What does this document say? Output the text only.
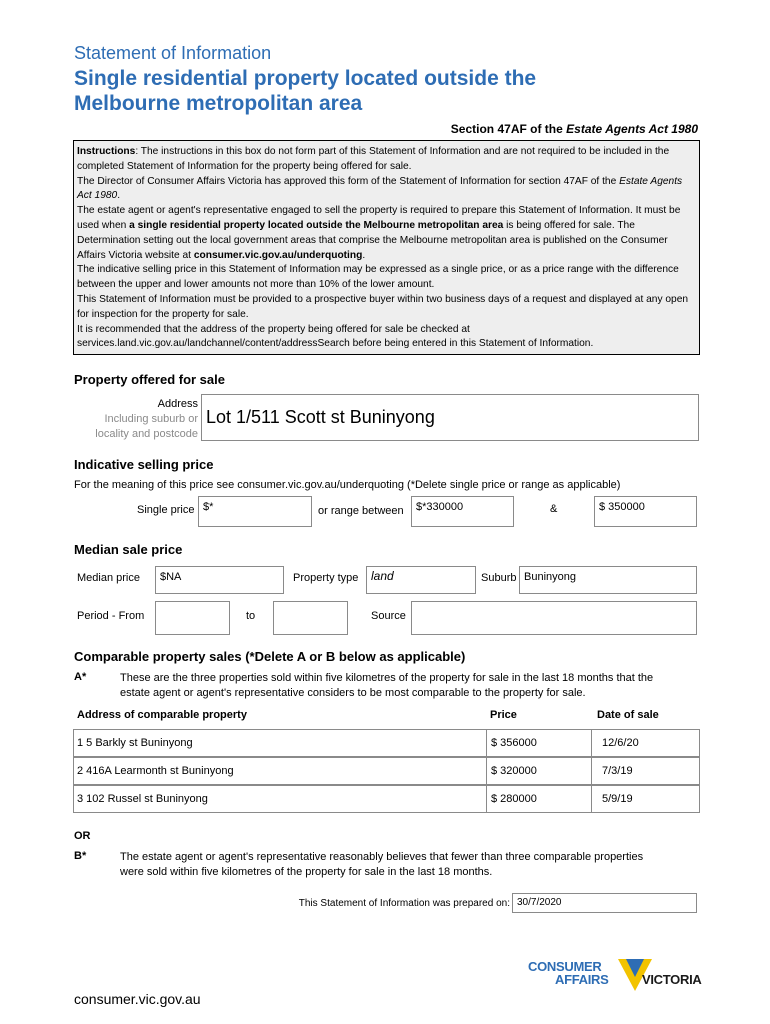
Statement of Information
Single residential property located outside the
Melbourne metropolitan area
Section 47AF of the Estate Agents Act 1980

Instructions: The instructions in this box do not form part of this Statement of Information and are not required to be included in the completed Statement of Information for the property being offered for sale.

The Director of Consumer Affairs Victoria has approved this form of the Statement of Information for section 47AF of the Estate Agents Act 1980.

The estate agent or agent's representative engaged to sell the property is required to prepare this Statement of Information. It must be used when a single residential property located outside the Melbourne metropolitan area is being offered for sale. The Determination setting out the local government areas that comprise the Melbourne metropolitan area is published on the Consumer Affairs Victoria website at consumer.vic.gov.au/underquoting.

The indicative selling price in this Statement of Information may be expressed as a single price, or as a price range with the difference between the upper and lower amounts not more than 10% of the lower amount.

This Statement of Information must be provided to a prospective buyer within two business days of a request and displayed at any open for inspection for the property for sale.

It is recommended that the address of the property being offered for sale be checked at services.land.vic.gov.au/landchannel/content/addressSearch before being entered in this Statement of Information.

Property offered for sale
Address
Including suburb or
locality and postcode
Lot 1/511 Scott st Buninyong
Indicative selling price
For the meaning of this price see consumer.vic.gov.au/underquoting (*Delete single price or range as applicable)
Single price $*	or range between	$*330000	&	$ 350000
Median sale price
Median price	$NA	Property type	land	Suburb Buninyong
Period - From	to	Source
Comparable property sales (*Delete A or B below as applicable)
A*	These are the three properties sold within five kilometres of the property for sale in the last 18 months that the
estate agent or agent's representative considers to be most comparable to the property for sale.
Address of comparable property	Price	Date of sale
1 5 Barkly st Buninyong	$ 356000	12/6/20
2 416A Learmonth st Buninyong	$ 320000	7/3/19
3 102 Russel st Buninyong	$ 280000	5/9/19
OR
B*	The estate agent or agent's representative reasonably believes that fewer than three comparable properties
were sold within five kilometres of the property for sale in the last 18 months.
This Statement of Information was prepared on: 30/7/2020
CONSUMER
AFFAIRS	VICTORIA
consumer.vic.gov.au
